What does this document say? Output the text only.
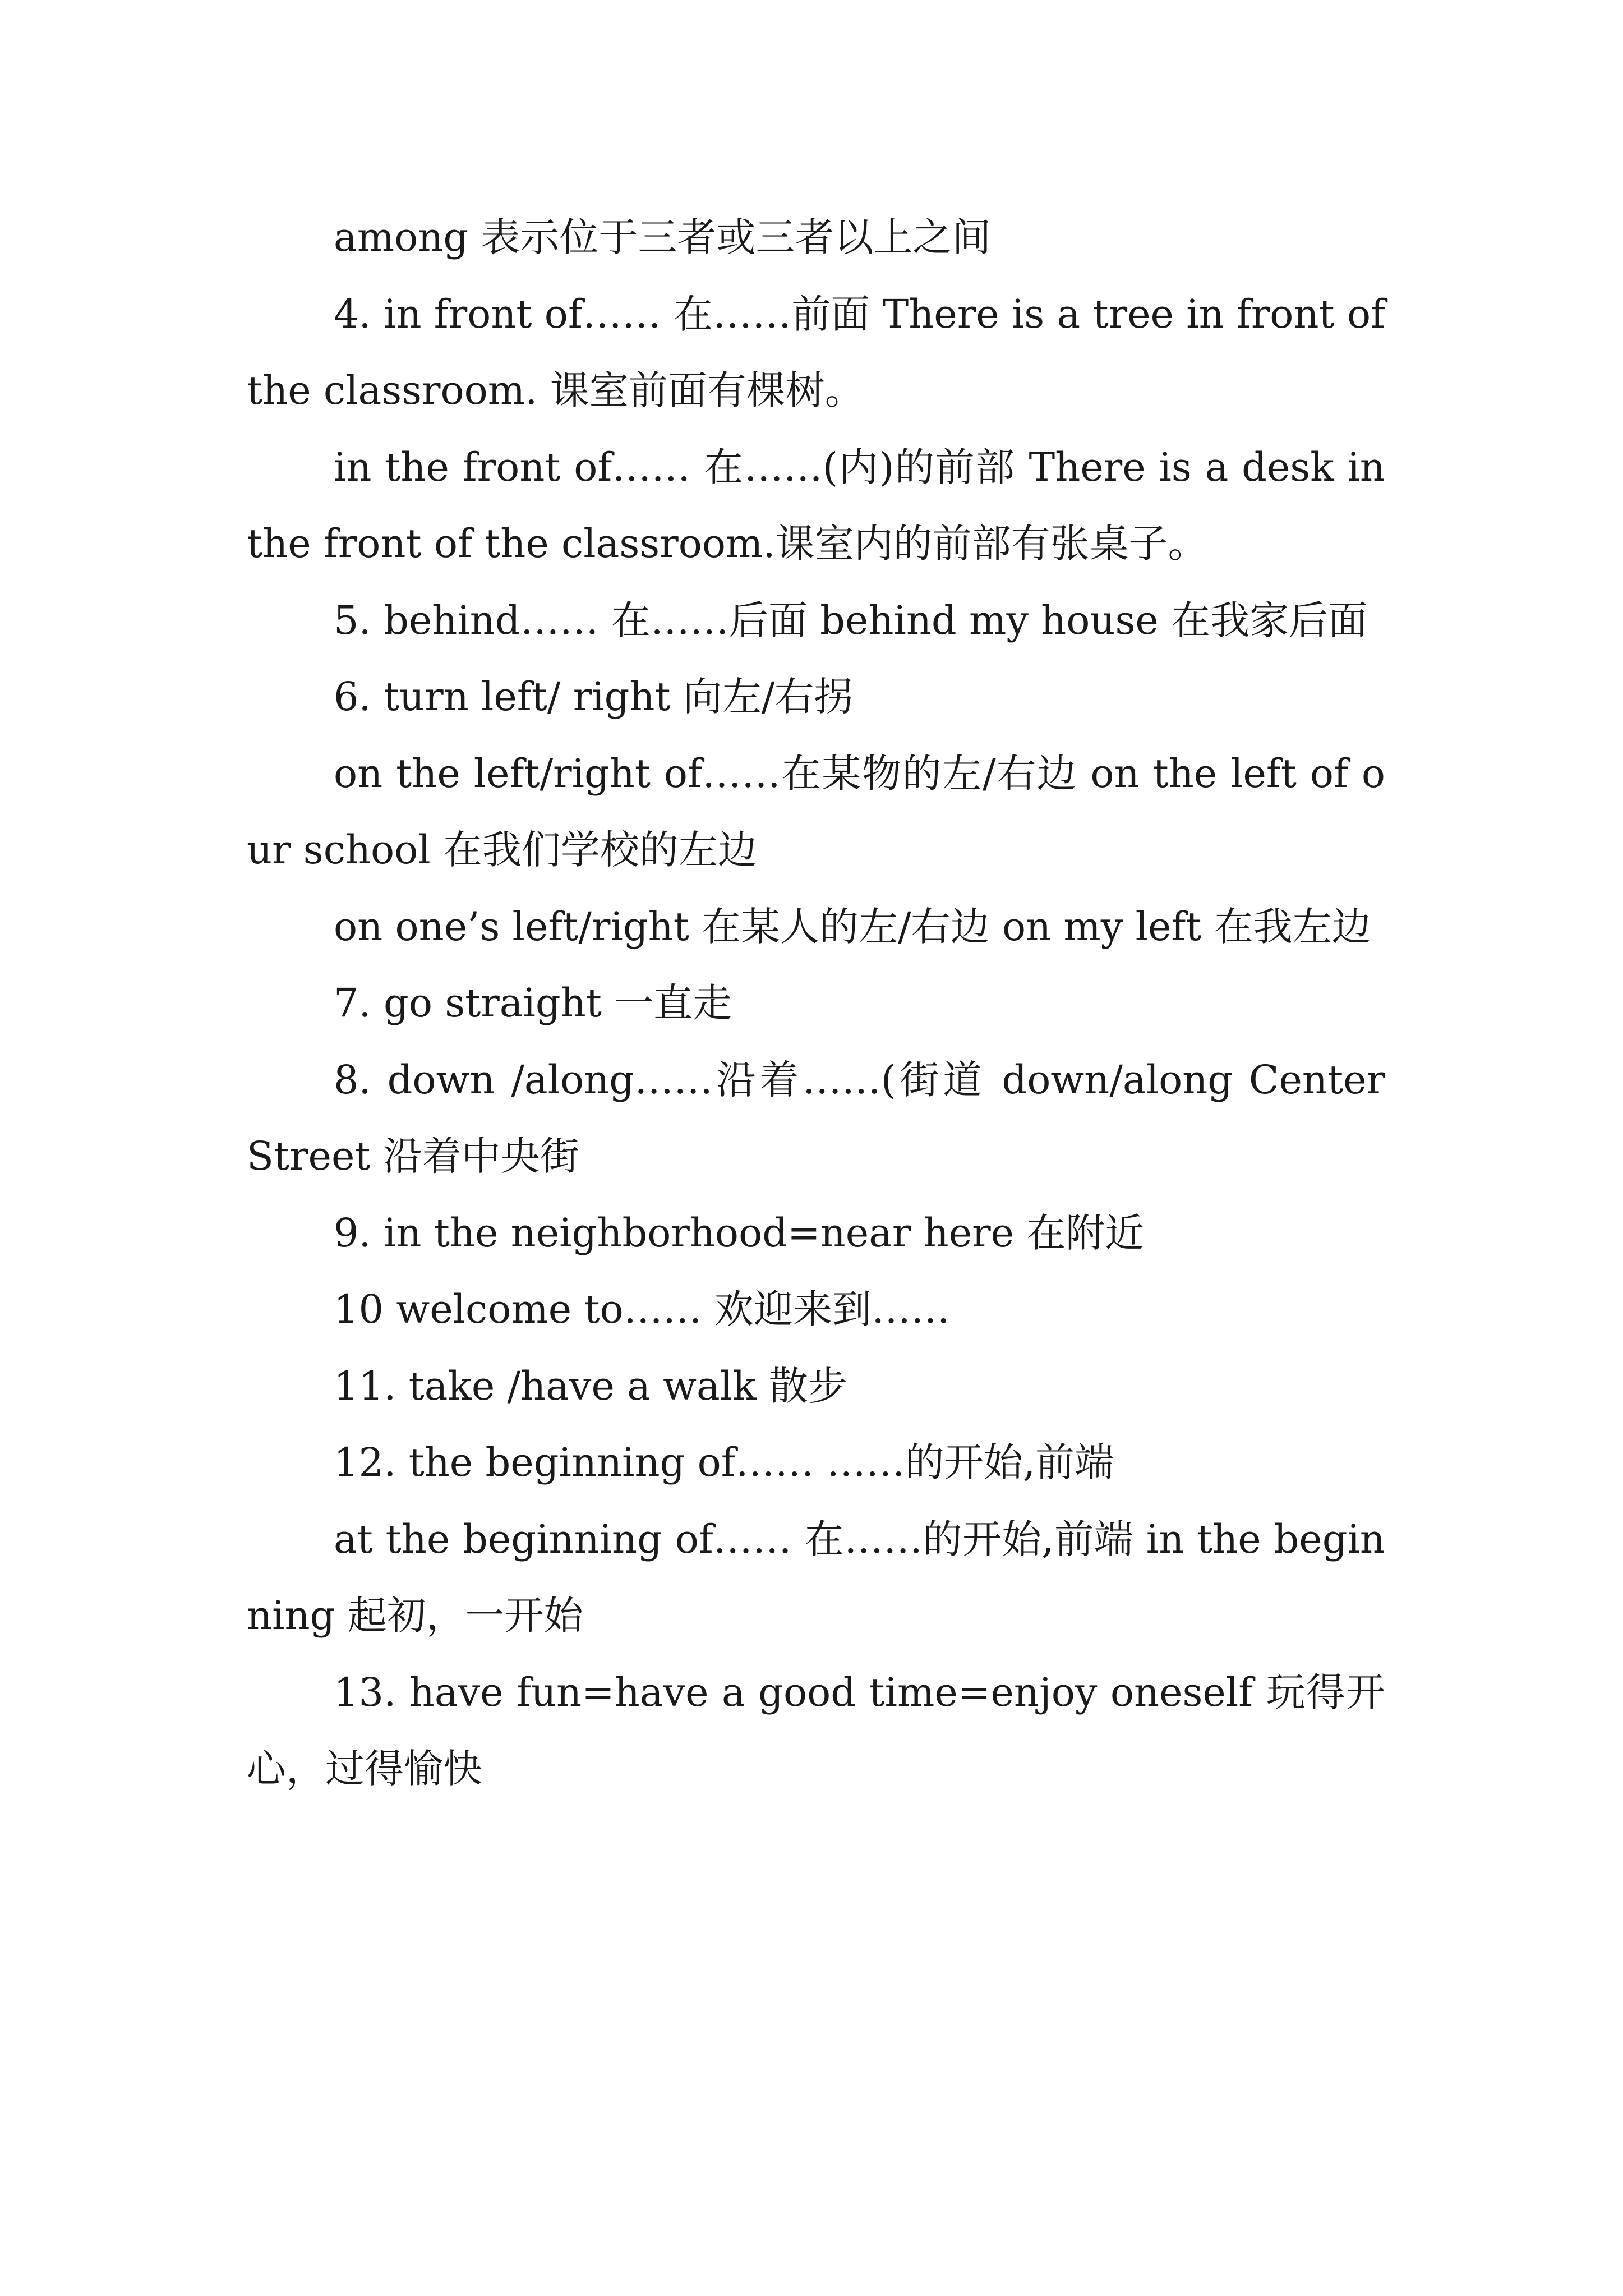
among 表示位于三者或三者以上之间

4. in front of…… 在……前面 There is a tree in front of the classroom. 课室前面有棵树。

in the front of…… 在……(内)的前部 There is a desk in the front of the classroom.课室内的前部有张桌子。

5. behind…… 在……后面 behind my house 在我家后面

6. turn left/ right 向左/右拐

on the left/right of……在某物的左/右边 on the left of our school 在我们学校的左边

on one’s left/right 在某人的左/右边 on my left 在我左边

7. go straight 一直走

8. down /along……沿着……(街道 down/along Center Street 沿着中央街

9. in the neighborhood=near here 在附近

10 welcome to…… 欢迎来到……

11. take /have a walk 散步

12. the beginning of…… ……的开始,前端

at the beginning of…… 在……的开始,前端 in the beginning 起初，一开始

13. have fun=have a good time=enjoy oneself 玩得开心，过得愉快
